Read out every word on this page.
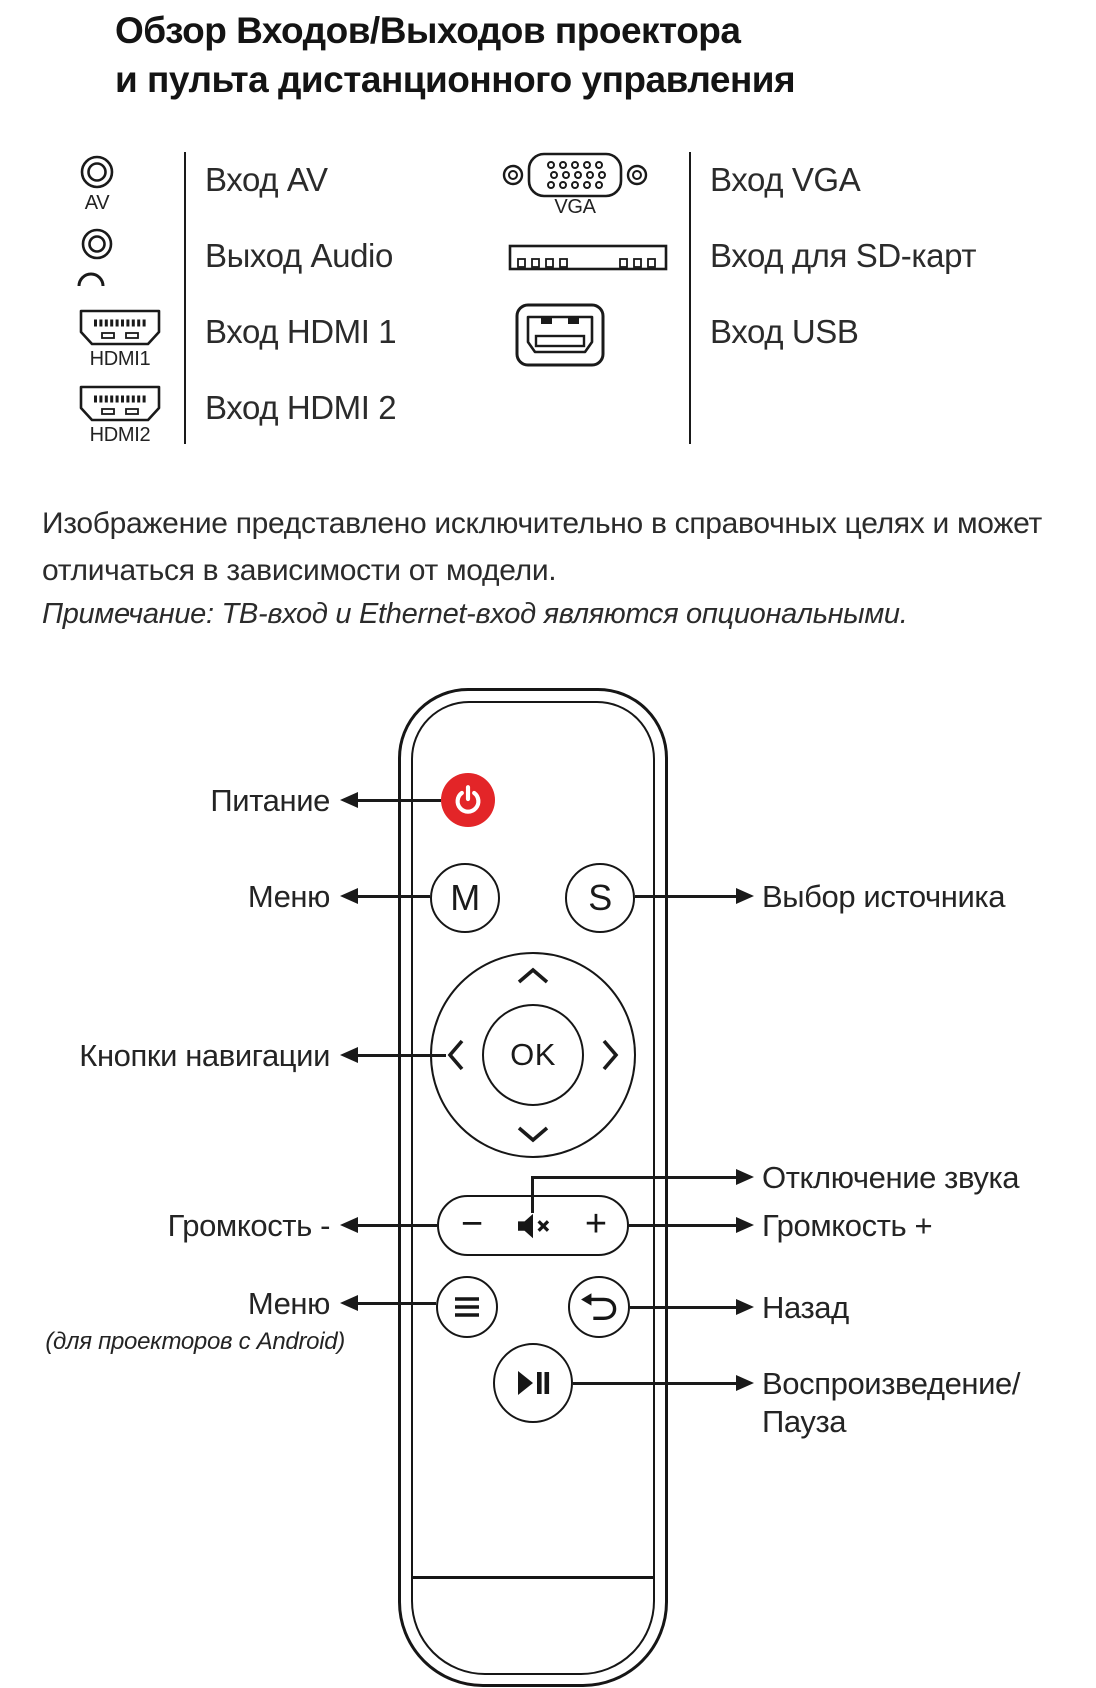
Обзор Входов/Выходов проектора
и пульта дистанционного управления
AV
HDMI1
HDMI2
Вход AV
Выход Audio
Вход HDMI 1
Вход HDMI 2
VGA
Вход VGA
Вход для SD-карт
Вход USB
Изображение представлено исключительно в справочных целях и может отличаться в зависимости от модели.
Примечание: ТВ-вход и Ethernet-вход являются опциональными.
M	S
OK
−	+
Питание
Меню
Кнопки навигации
Громкость -
Меню
(для проекторов с Android)
Выбор источника
Отключение звука
Громкость +
Назад
Воспроизведение/
Пауза
